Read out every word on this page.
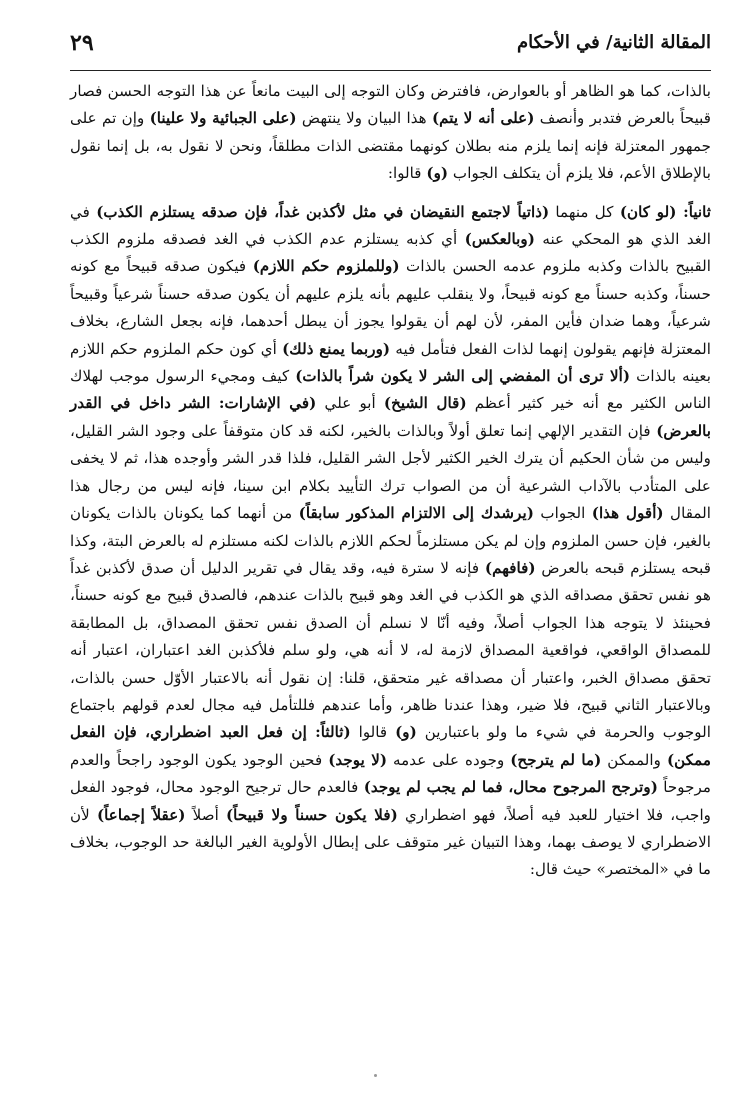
المقالة الثانية/ في الأحكام
٢٩

بالذات، كما هو الظاهر أو بالعوارض، فافترض وكان التوجه إلى البيت مانعاً عن هذا التوجه الحسن فصار قبيحاً بالعرض فتدبر وأنصف (على أنه لا يتم) هذا البيان ولا ينتهض (على الجبائية ولا علينا) وإن تم على جمهور المعتزلة فإنه إنما يلزم منه بطلان كونهما مقتضى الذات مطلقاً، ونحن لا نقول به، بل إنما نقول بالإطلاق الأعم، فلا يلزم أن يتكلف الجواب (و) قالوا:

ثانياً: (لو كان) كل منهما (ذاتياً لاجتمع النقيضان في مثل لأكذبن غداً، فإن صدقه يستلزم الكذب) في الغد الذي هو المحكي عنه (وبالعكس) أي كذبه يستلزم عدم الكذب في الغد فصدقه ملزوم الكذب القبيح بالذات وكذبه ملزوم عدمه الحسن بالذات (وللملزوم حكم اللازم) فيكون صدقه قبيحاً مع كونه حسناً، وكذبه حسناً مع كونه قبيحاً، ولا ينقلب عليهم بأنه يلزم عليهم أن يكون صدقه حسناً شرعياً وقبيحاً شرعياً، وهما ضدان فأين المفر، لأن لهم أن يقولوا يجوز أن يبطل أحدهما، فإنه بجعل الشارع، بخلاف المعتزلة فإنهم يقولون إنهما لذات الفعل فتأمل فيه (وربما يمنع ذلك) أي كون حكم الملزوم حكم اللازم بعينه بالذات (ألا ترى أن المفضي إلى الشر لا يكون شراً بالذات) كيف ومجيء الرسول موجب لهلاك الناس الكثير مع أنه خير كثير أعظم (قال الشيخ) أبو علي (في الإشارات: الشر داخل في القدر بالعرض) فإن التقدير الإلهي إنما تعلق أولاً وبالذات بالخير، لكنه قد كان متوقفاً على وجود الشر القليل، وليس من شأن الحكيم أن يترك الخير الكثير لأجل الشر القليل، فلذا قدر الشر وأوجده هذا، ثم لا يخفى على المتأدب بالآداب الشرعية أن من الصواب ترك التأييد بكلام ابن سينا، فإنه ليس من رجال هذا المقال (أقول هذا) الجواب (يرشدك إلى الالتزام المذكور سابقاً) من أنهما كما يكونان بالذات يكونان بالغير، فإن حسن الملزوم وإن لم يكن مستلزماً لحكم اللازم بالذات لكنه مستلزم له بالعرض البتة، وكذا قبحه يستلزم قبحه بالعرض (فافهم) فإنه لا سترة فيه، وقد يقال في تقرير الدليل أن صدق لأكذبن غداً هو نفس تحقق مصداقه الذي هو الكذب في الغد وهو قبيح بالذات عندهم، فالصدق قبيح مع كونه حسناً، فحينئذ لا يتوجه هذا الجواب أصلاً، وفيه أنّا لا نسلم أن الصدق نفس تحقق المصداق، بل المطابقة للمصداق الواقعي، فواقعية المصداق لازمة له، لا أنه هي، ولو سلم فلأكذبن الغد اعتباران، اعتبار أنه تحقق مصداق الخبر، واعتبار أن مصداقه غير متحقق، قلنا: إن نقول أنه بالاعتبار الأوّل حسن بالذات، وبالاعتبار الثاني قبيح، فلا ضير، وهذا عندنا ظاهر، وأما عندهم فللتأمل فيه مجال لعدم قولهم باجتماع الوجوب والحرمة في شيء ما ولو باعتبارين (و) قالوا (ثالثاً: إن فعل العبد اضطراري، فإن الفعل ممكن) والممكن (ما لم يترجح) وجوده على عدمه (لا يوجد) فحين الوجود يكون الوجود راجحاً والعدم مرجوحاً (وترجح المرجوح محال، فما لم يجب لم يوجد) فالعدم حال ترجيح الوجود محال، فوجود الفعل واجب، فلا اختيار للعبد فيه أصلاً، فهو اضطراري (فلا يكون حسناً ولا قبيحاً) أصلاً (عقلاً إجماعاً) لأن الاضطراري لا يوصف بهما، وهذا التبيان غير متوقف على إبطال الأولوية الغير البالغة حد الوجوب، بخلاف ما في «المختصر» حيث قال:
